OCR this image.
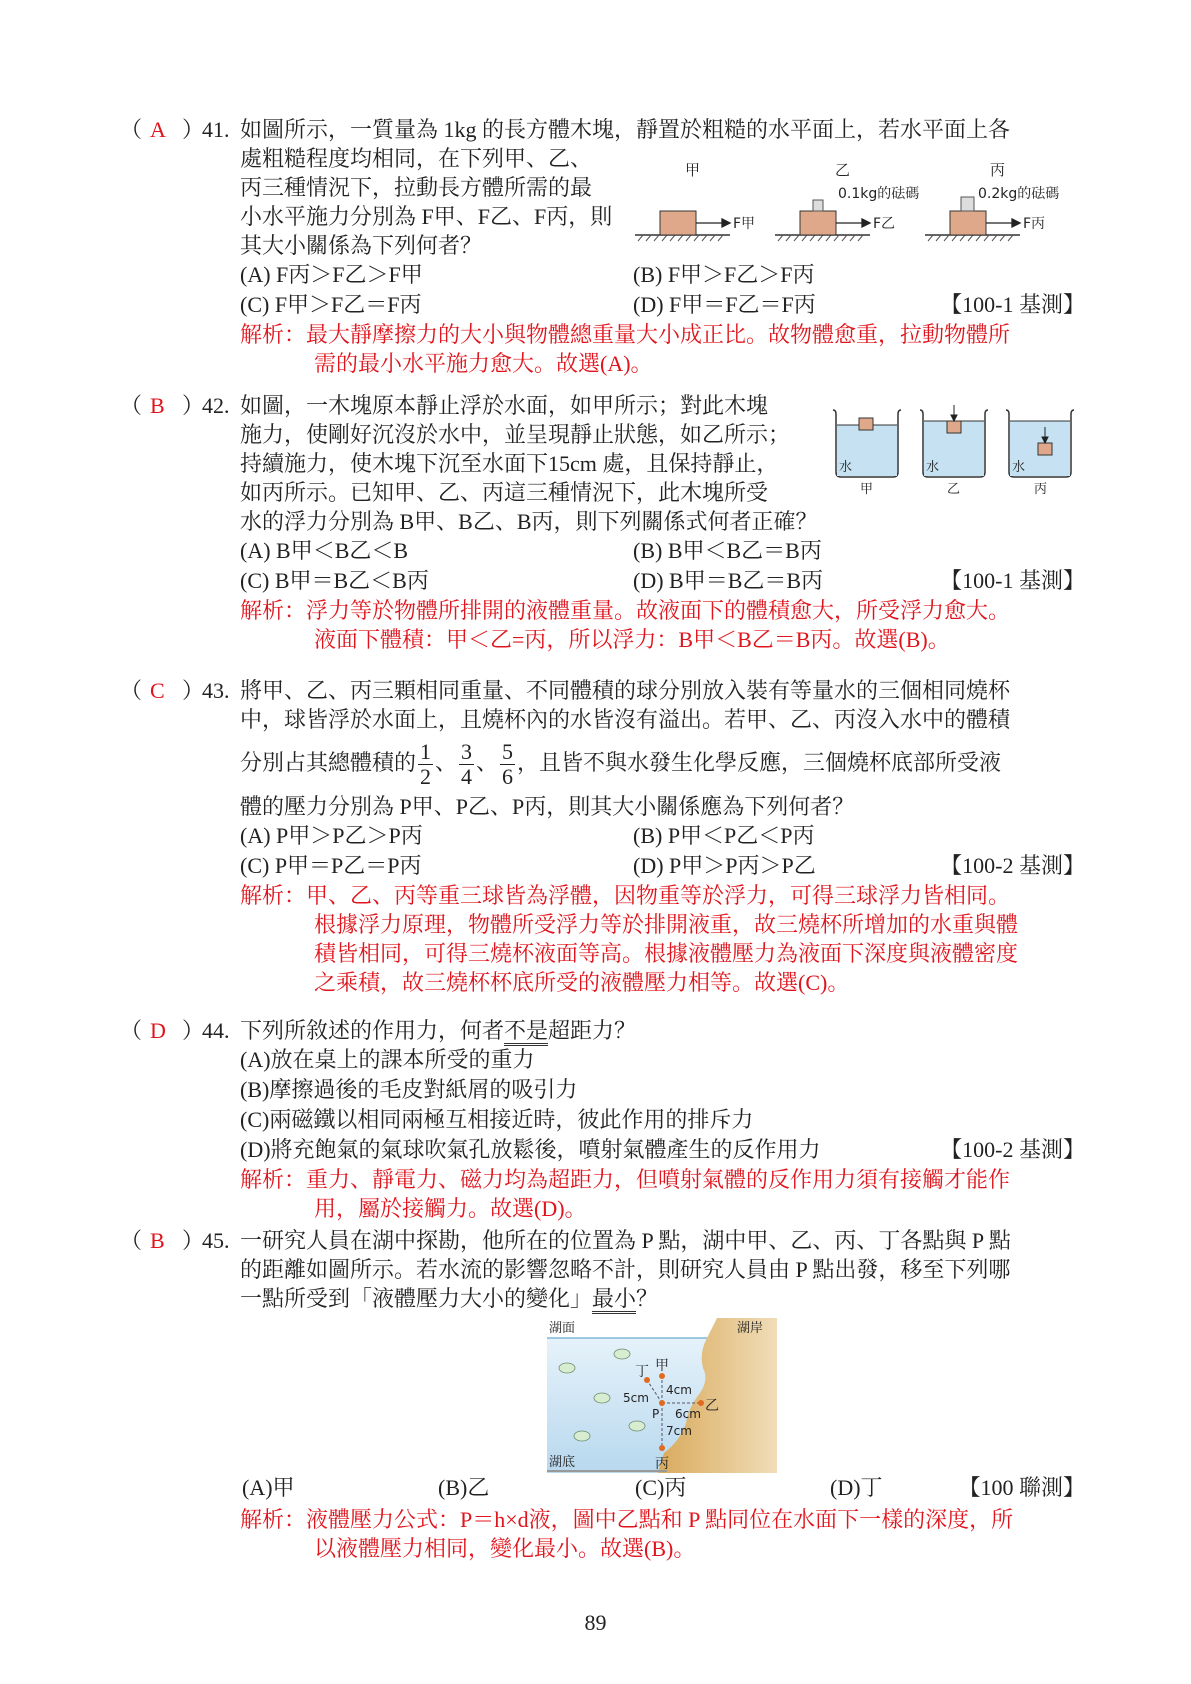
（ A ）
41. 如圖所示，一質量為 1kg 的長方體木塊，靜置於粗糙的水平面上，若水平面上各
處粗糙程度均相同，在下列甲、乙、
丙三種情況下，拉動長方體所需的最
小水平施力分別為 F甲、F乙、F丙，則
其大小關係為下列何者？
(A) F丙＞F乙＞F甲	(B) F甲＞F乙＞F丙
(C) F甲＞F乙＝F丙	(D) F甲＝F乙＝F丙	【100-1 基測】
解析：最大靜摩擦力的大小與物體總重量大小成正比。故物體愈重，拉動物體所
需的最小水平施力愈大。故選(A)。
甲	乙	丙
0.1kg的砝碼	0.2kg的砝碼
F甲	F乙	F丙
（ B ）
42. 如圖，一木塊原本靜止浮於水面，如甲所示；對此木塊
施力，使剛好沉沒於水中，並呈現靜止狀態，如乙所示；
持續施力，使木塊下沉至水面下15cm 處，且保持靜止，
如丙所示。已知甲、乙、丙這三種情況下，此木塊所受
水的浮力分別為 B甲、B乙、B丙，則下列關係式何者正確？
(A) B甲＜B乙＜B	(B) B甲＜B乙＝B丙
(C) B甲＝B乙＜B丙	(D) B甲＝B乙＝B丙	【100-1 基測】
解析：浮力等於物體所排開的液體重量。故液面下的體積愈大，所受浮力愈大。
液面下體積：甲＜乙=丙，所以浮力：B甲＜B乙＝B丙。故選(B)。
水	水	水
甲	乙	丙
（ C ）
43. 將甲、乙、丙三顆相同重量、不同體積的球分別放入裝有等量水的三個相同燒杯
中，球皆浮於水面上，且燒杯內的水皆沒有溢出。若甲、乙、丙沒入水中的體積
分別占其總體積的 $\frac{1}{2}$ 、 $\frac{3}{4}$ 、 $\frac{5}{6}$ ，且皆不與水發生化學反應，三個燒杯底部所受液
體的壓力分別為 P甲、P乙、P丙，則其大小關係應為下列何者？
(A) P甲＞P乙＞P丙	(B) P甲＜P乙＜P丙
(C) P甲＝P乙＝P丙	(D) P甲＞P丙＞P乙	【100-2 基測】
解析：甲、乙、丙等重三球皆為浮體，因物重等於浮力，可得三球浮力皆相同。
根據浮力原理，物體所受浮力等於排開液重，故三燒杯所增加的水重與體
積皆相同，可得三燒杯液面等高。根據液體壓力為液面下深度與液體密度
之乘積，故三燒杯杯底所受的液體壓力相等。故選(C)。
（ D ）
44. 下列所敘述的作用力，何者不是超距力？
(A)放在桌上的課本所受的重力
(B)摩擦過後的毛皮對紙屑的吸引力
(C)兩磁鐵以相同兩極互相接近時，彼此作用的排斥力
(D)將充飽氣的氣球吹氣孔放鬆後，噴射氣體產生的反作用力	【100-2 基測】
解析：重力、靜電力、磁力均為超距力，但噴射氣體的反作用力須有接觸才能作
用，屬於接觸力。故選(D)。
（ B ）
45. 一研究人員在湖中探勘，他所在的位置為 P 點，湖中甲、乙、丙、丁各點與 P 點
的距離如圖所示。若水流的影響忽略不計，則研究人員由 P 點出發，移至下列哪
一點所受到「液體壓力大小的變化」最小？
(A)甲	(B)乙	(C)丙	(D)丁	【100 聯測】
解析：液體壓力公式：P＝h×d液，圖中乙點和 P 點同位在水面下一樣的深度，所
以液體壓力相同，變化最小。故選(B)。
湖面	湖岸
湖底
甲
乙
丙
丁
P
4cm
6cm
7cm
5cm
89
